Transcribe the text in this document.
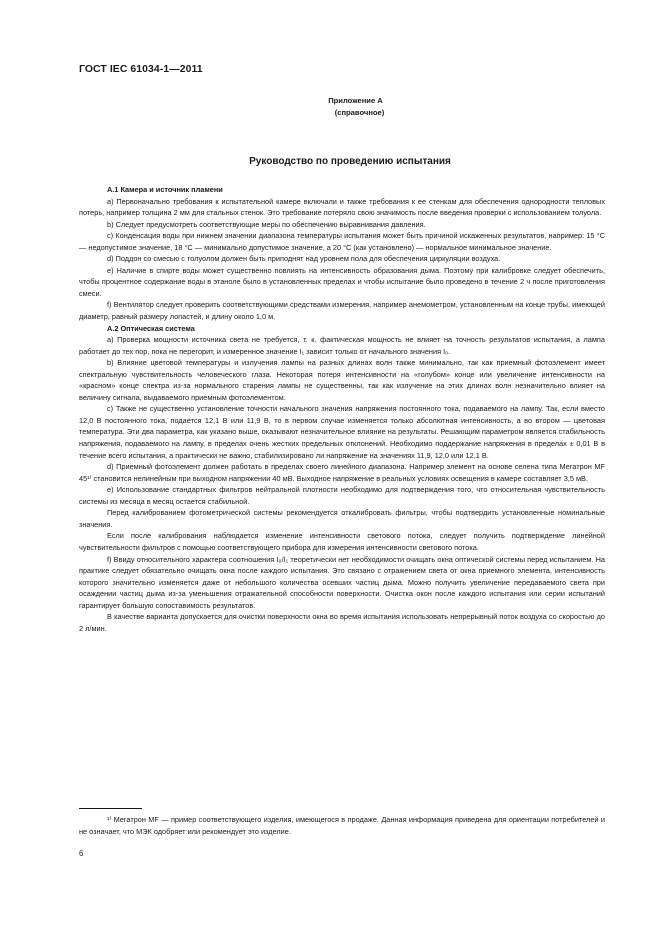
ГОСТ IEC 61034-1—2011
Приложение А
(справочное)
Руководство по проведению испытания

А.1 Камера и источник пламени

а) Первоначально требования к испытательной камере включали и также требования к ее стенкам для обеспечения однородности тепловых потерь, например толщина 2 мм для стальных стенок. Это требование потеряло свою значимость после введения проверки с использованием толуола.

b) Следует предусмотреть соответствующие меры по обеспечению выравнивания давления.

с) Конденсация воды при нижнем значении диапазона температуры испытания может быть причиной искаженных результатов, например: 15 °С — недопустимое значение, 18 °С — минимально допустимое значение, а 20 °С (как установлено) — нормальное минимальное значение.

d) Поддон со смесью с толуолом должен быть приподнят над уровнем пола для обеспечения циркуляции воздуха.

е) Наличие в спирте воды может существенно повлиять на интенсивность образования дыма. Поэтому при калибровке следует обеспечить, чтобы процентное содержание воды в этаноле было в установленных пределах и чтобы испытание было проведено в течение 2 ч после приготовления смеси.

f) Вентилятор следует проверить соответствующими средствами измерения, например анемометром, установленным на конце трубы, имеющей диаметр, равный размеру лопастей, и длину около 1,0 м.

А.2 Оптическая система

а) Проверка мощности источника света не требуется, т. к. фактическая мощность не влияет на точность результатов испытания, а лампа работает до тех пор, пока не перегорит, и измеренное значение I₁ зависит только от начального значения I₀.

b) Влияние цветовой температуры и излучения лампы на разных длинах волн также минимально, так как приемный фотоэлемент имеет спектральную чувствительность человеческого глаза. Некоторая потеря интенсивности на «голубом» конце или увеличение интенсивности на «красном» конце спектра из-за нормального старения лампы не существенны, так как излучение на этих длинах волн незначительно влияет на величину сигнала, выдаваемого приемным фотоэлементом.

с) Также не существенно установление точности начального значения напряжения постоянного тока, подаваемого на лампу. Так, если вместо 12,0 В постоянного тока, подается 12,1 В или 11,9 В, то в первом случае изменяется только абсолютная интенсивность, а во втором — цветовая температура. Эти два параметра, как указано выше, оказывают незначительное влияние на результаты. Решающим параметром является стабильность напряжения, подаваемого на лампу, в пределах очень жестких предельных отклонений. Необходимо поддержание напряжения в пределах ± 0,01 В в течение всего испытания, а практически не важно, стабилизировано ли напряжение на значениях 11,9, 12,0 или 12,1 В.

d) Приемный фотоэлемент должен работать в пределах своего линейного диапазона. Например элемент на основе селена типа Мегатрон МF 45¹⁾ становится нелинейным при выходном напряжении 40 мВ. Выходное напряжение в реальных условиях освещения в камере составляет 3,5 мВ.

е) Использование стандартных фильтров нейтральной плотности необходимо для подтверждения того, что относительная чувствительность системы из месяца в месяц остается стабильной.

Перед калиброванием фотометрической системы рекомендуется откалибровать фильтры, чтобы подтвердить установленные номинальные значения.

Если после калибрования наблюдается изменение интенсивности светового потока, следует получить подтверждение линейной чувствительности фильтров с помощью соответствующего прибора для измерения интенсивности светового потока.

f) Ввиду относительного характера соотношения I₀/I₁ теоретически нет необходимости очищать окна оптической системы перед испытанием. На практике следует обязательно очищать окна после каждого испытания. Это связано с отражением света от окна приемного элемента, интенсивность которого значительно изменяется даже от небольшого количества осевших частиц дыма. Можно получить увеличение передаваемого света при осаждении частиц дыма из-за уменьшения отражательной способности поверхности. Очистка окон после каждого испытания или серии испытаний гарантирует большую сопоставимость результатов.

В качестве варианта допускается для очистки поверхности окна во время испытания использовать непрерывный поток воздуха со скоростью до 2 л/мин.

¹⁾ Мегатрон МF — пример соответствующего изделия, имеющегося в продаже. Данная информация приведена для ориентации потребителей и не означает, что МЭК одобряет или рекомендует это изделие.

6
